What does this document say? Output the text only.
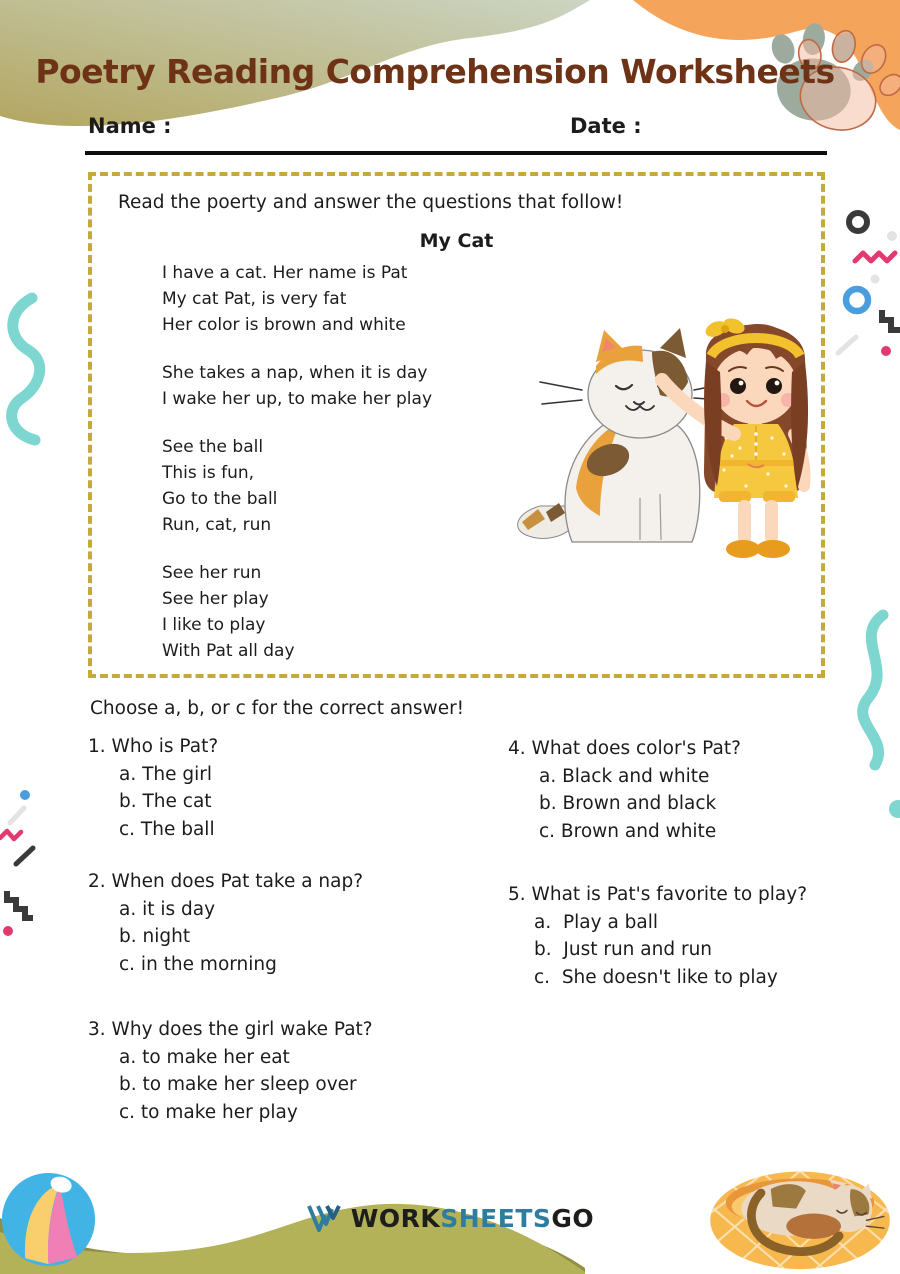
Poetry Reading Comprehension Worksheets
Name :	Date :
Read the poerty and answer the questions that follow!
My Cat
I have a cat. Her name is Pat
My cat Pat, is very fat
Her color is brown and white
She takes a nap, when it is day
I wake her up, to make her play
See the ball
This is fun,
Go to the ball
Run, cat, run
See her run
See her play
I like to play
With Pat all day
Choose a, b, or c for the correct answer!
1. Who is Pat?
a. The girl
b. The cat
c. The ball
2. When does Pat take a nap?
a. it is day
b. night
c. in the morning
3. Why does the girl wake Pat?
a. to make her eat
b. to make her sleep over
c. to make her play
4. What does color's Pat?
a. Black and white
b. Brown and black
c. Brown and white
5. What is Pat's favorite to play?
a.  Play a ball
b.  Just run and run
c.  She doesn't like to play
WORKSHEETSGO
